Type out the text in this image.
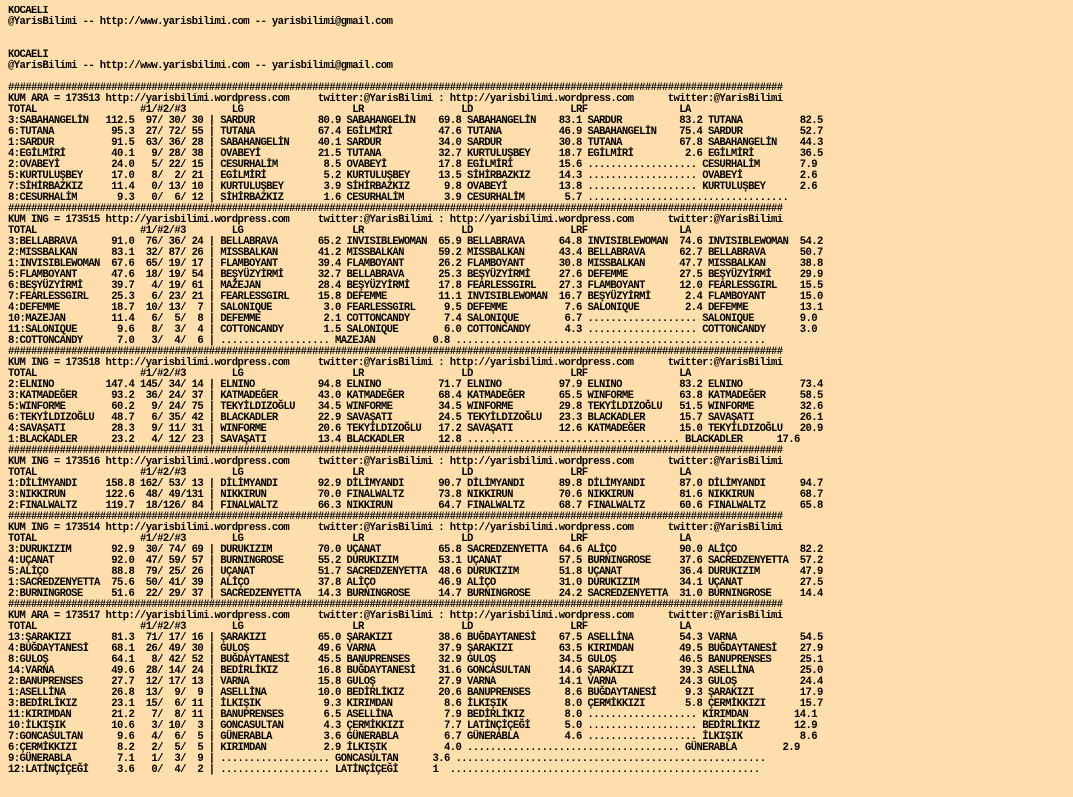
KOCAELI
@YarisBilimi -- http://www.yarisbilimi.com -- yarisbilimi@gmail.com
KOCAELI
@YarisBilimi -- http://www.yarisbilimi.com -- yarisbilimi@gmail.com
#######################################################################################################################################
KUM ARA = 173513 http://yarisbilimi.wordpress.com     twitter:@YarisBilimi : http://yarisbilimi.wordpress.com      twitter:@YarisBilimi
TOTAL                  #1/#2/#3        LG                   LR                 LD                 LRF                LA
3:SABAHANGELİN   112.5  97/ 30/ 30 | SARDUR           80.9 SABAHANGELİN    69.8 SABAHANGELİN    83.1 SARDUR          83.2 TUTANA          82.5
6:TUTANA          95.3  27/ 72/ 55 | TUTANA           67.4 EGİLMİRİ        47.6 TUTANA          46.9 SABAHANGELİN    75.4 SARDUR          52.7
1:SARDUR          91.5  63/ 36/ 28 | SABAHANGELİN     40.1 SARDUR          34.0 SARDUR          30.8 TUTANA          67.8 SABAHANGELİN    44.3
4:EGİLMİRİ        40.1   9/ 28/ 38 | OVABEYİ          21.5 TUTANA          32.7 KURTULUŞBEY     18.7 EGİLMİRİ         2.6 EGİLMİRİ        36.5
2:OVABEYİ         24.0   5/ 22/ 15 | CESURHALİM        8.5 OVABEYİ         17.8 EGİLMİRİ        15.6 ................... CESURHALİM       7.9
5:KURTULUŞBEY     17.0   8/  2/ 21 | EGİLMİRİ          5.2 KURTULUŞBEY     13.5 SİHİRBAZKIZ     14.3 ................... OVABEYİ          2.6
7:SİHİRBAZKIZ     11.4   0/ 13/ 10 | KURTULUŞBEY       3.9 SİHİRBAZKIZ      9.8 OVABEYİ         13.8 ................... KURTULUŞBEY      2.6
8:CESURHALİM       9.3   0/  6/ 12 | SİHİRBAZKIZ       1.6 CESURHALİM       3.9 CESURHALİM       5.7 ...................................
#######################################################################################################################################
KUM ING = 173515 http://yarisbilimi.wordpress.com     twitter:@YarisBilimi : http://yarisbilimi.wordpress.com      twitter:@YarisBilimi
TOTAL                  #1/#2/#3        LG                   LR                 LD                 LRF                LA
3:BELLABRAVA      91.0  76/ 36/ 24 | BELLABRAVA       65.2 INVISIBLEWOMAN  65.9 BELLABRAVA      64.8 INVISIBLEWOMAN  74.6 INVISIBLEWOMAN  54.2
2:MISSBALKAN      83.1  32/ 87/ 26 | MISSBALKAN       41.2 MISSBALKAN      59.2 MISSBALKAN      43.4 BELLABRAVA      62.7 BELLABRAVA      50.7
1:INVISIBLEWOMAN  67.6  65/ 19/ 17 | FLAMBOYANT       39.4 FLAMBOYANT      26.2 FLAMBOYANT      30.8 MISSBALKAN      47.7 MISSBALKAN      38.8
5:FLAMBOYANT      47.6  18/ 19/ 54 | BEŞYÜZYİRMİ      32.7 BELLABRAVA      25.3 BEŞYÜZYİRMİ     27.6 DEFEMME         27.5 BEŞYÜZYİRMİ     29.9
6:BEŞYÜZYİRMİ     39.7   4/ 19/ 61 | MAŽEJAN          28.4 BEŞYÜZYİRMİ     17.8 FEARLESSGIRL    27.3 FLAMBOYANT      12.0 FEARLESSGIRL    15.5
7:FEARLESSGIRL    25.3   6/ 23/ 21 | FEARLESSGIRL     15.8 DEFEMME         11.1 INVISIBLEWOMAN  16.7 BEŞYÜZYİRMİ      2.4 FLAMBOYANT      15.0
4:DEFEMME         18.7  10/ 13/  7 | SALONIQUE         3.0 FEARLESSGIRL     9.5 DEFEMME          7.6 SALONIQUE        2.4 DEFEMME         13.1
10:MAZEJAN        11.4   6/  5/  8 | DEFEMME           2.1 COTTONCANDY      7.4 SALONIQUE        6.7 ................... SALONIQUE        9.0
11:SALONIQUE       9.6   8/  3/  4 | COTTONCANDY       1.5 SALONIQUE        6.0 COTTONCANDY      4.3 ................... COTTONCANDY      3.0
8:COTTONCANDY      7.0   3/  4/  6 | ................... MAZEJAN          0.8 ......................................................
#######################################################################################################################################
KUM ING = 173518 http://yarisbilimi.wordpress.com     twitter:@YarisBilimi : http://yarisbilimi.wordpress.com      twitter:@YarisBilimi
TOTAL                  #1/#2/#3        LG                   LR                 LD                 LRF                LA
2:ELNINO         147.4 145/ 34/ 14 | ELNINO           94.8 ELNINO          71.7 ELNINO          97.9 ELNINO          83.2 ELNINO          73.4
3:KATMADEĞER      93.2  36/ 24/ 37 | KATMADEĞER       43.0 KATMADEĞER      68.4 KATMADEĞER      65.5 WINFORME        63.8 KATMADEĞER      58.5
5:WINFORME        60.2   9/ 24/ 75 | TEKYİLDIZOĞLU    34.5 WINFORME        34.5 WINFORME        29.8 TEKYİLDIZOĞLU   51.5 WINFORME        32.6
6:TEKYİLDIZOĞLU   48.7   6/ 35/ 42 | BLACKADLER       22.9 SAVAŞATI        24.5 TEKYİLDIZOĞLU   23.3 BLACKADLER      15.7 SAVAŞATI        26.1
4:SAVAŞATI        28.3   9/ 11/ 31 | WINFORME         20.6 TEKYİLDIZOĞLU   17.2 SAVAŞATI        12.6 KATMADEĞER      15.0 TEKYİLDIZOĞLU   20.9
1:BLACKADLER      23.2   4/ 12/ 23 | SAVAŞATI         13.4 BLACKADLER      12.8 ..................................... BLACKADLER      17.6
#######################################################################################################################################
KUM ING = 173516 http://yarisbilimi.wordpress.com     twitter:@YarisBilimi : http://yarisbilimi.wordpress.com      twitter:@YarisBilimi
TOTAL                  #1/#2/#3        LG                   LR                 LD                 LRF                LA
1:DİLİMYANDI     158.8 162/ 53/ 13 | DİLİMYANDI       92.9 DİLİMYANDI      90.7 DİLİMYANDI      89.8 DİLİMYANDI      87.0 DİLİMYANDI      94.7
3:NIKKIRUN       122.6  48/ 49/131 | NIKKIRUN         70.0 FINALWALTZ      73.8 NIKKIRUN        70.6 NIKKIRUN        81.6 NIKKIRUN        68.7
2:FINALWALTZ     119.7  18/126/ 84 | FINALWALTZ       66.3 NIKKIRUN        64.7 FINALWALTZ      68.7 FINALWALTZ      60.6 FINALWALTZ      65.8
#######################################################################################################################################
KUM ING = 173514 http://yarisbilimi.wordpress.com     twitter:@YarisBilimi : http://yarisbilimi.wordpress.com      twitter:@YarisBilimi
TOTAL                  #1/#2/#3        LG                   LR                 LD                 LRF                LA
3:DURUKIZIM       92.9  30/ 74/ 69 | DURUKIZIM        70.0 UÇANAT          65.8 SACREDZENYETTA  64.6 ALİÇO           90.0 ALİÇO           82.2
4:UÇANAT          92.0  47/ 59/ 57 | BURNINGROSE      55.2 DURUKIZIM       53.1 UÇANAT          57.5 BURNINGROSE     37.6 SACREDZENYETTA  57.2
5:ALİÇO           88.8  79/ 25/ 26 | UÇANAT           51.7 SACREDZENYETTA  48.6 DURUKIZIM       51.8 UÇANAT          36.4 DURUKIZIM       47.9
1:SACREDZENYETTA  75.6  50/ 41/ 39 | ALİÇO            37.8 ALİÇO           46.9 ALİÇO           31.0 DURUKIZIM       34.1 UÇANAT          27.5
2:BURNINGROSE     51.6  22/ 29/ 37 | SACREDZENYETTA   14.3 BURNINGROSE     14.7 BURNINGROSE     24.2 SACREDZENYETTA  31.0 BURNINGROSE     14.4
#######################################################################################################################################
KUM ARA = 173517 http://yarisbilimi.wordpress.com     twitter:@YarisBilimi : http://yarisbilimi.wordpress.com      twitter:@YarisBilimi
TOTAL                  #1/#2/#3        LG                   LR                 LD                 LRF                LA
13:ŞARAKIZI       81.3  71/ 17/ 16 | ŞARAKIZI         65.0 ŞARAKIZI        38.6 BUĞDAYTANESİ    67.5 ASELLİNA        54.3 VARNA           54.5
4:BUĞDAYTANESİ    68.1  26/ 49/ 30 | GULOŞ            49.6 VARNA           37.9 ŞARAKIZI        63.5 KIRIMDAN        49.5 BUĞDAYTANESİ    27.9
8:GULOŞ           64.1   8/ 42/ 52 | BUĞDAYTANESİ     45.5 BANUPRENSES     32.9 GULOŞ           34.5 GULOŞ           46.5 BANUPRENSES     25.1
14:VARNA          49.6  28/ 14/ 24 | BEDİRLİKIZ       16.8 BUĞDAYTANESİ    31.6 GONCASULTAN     14.6 ŞARAKIZI        39.3 ASELLİNA        25.0
2:BANUPRENSES     27.7  12/ 17/ 13 | VARNA            15.8 GULOŞ           27.9 VARNA           14.1 VARNA           24.3 GULOŞ           24.4
1:ASELLİNA        26.8  13/  9/  9 | ASELLİNA         10.0 BEDİRLİKIZ      20.6 BANUPRENSES      8.6 BUĞDAYTANESİ     9.3 ŞARAKIZI        17.9
3:BEDİRLİKIZ      23.1  15/  6/ 11 | İLKIŞIK           9.3 KIRIMDAN         8.6 İLKIŞIK          8.0 ÇERMİKKIZI       5.8 ÇERMİKKIZI      15.7
11:KIRIMDAN       21.2   7/  8/ 11 | BANUPRENSES       6.5 ASELLİNA         7.9 BEDİRLİKIZ       8.0 ................... KIRIMDAN        14.1
10:İLKIŞIK        10.6   3/ 10/  3 | GONCASULTAN       4.3 ÇERMİKKIZI       7.7 LATİNÇİÇEĞİ      5.0 ................... BEDİRLİKIZ      12.9
7:GONCASULTAN      9.6   4/  6/  5 | GÜNERABLA         3.6 GÜNERABLA        6.7 GÜNERABLA        4.6 ................... İLKIŞIK          8.6
6:ÇERMİKKIZI       8.2   2/  5/  5 | KIRIMDAN          2.9 İLKIŞIK          4.0 ..................................... GÜNERABLA        2.9
9:GÜNERABLA        7.1   1/  3/  9 | ................... GONCASULTAN      3.6 ......................................................
12:LATİNÇİÇEĞİ     3.6   0/  4/  2 | ................... LATİNÇİÇEĞİ      1  ......................................................
